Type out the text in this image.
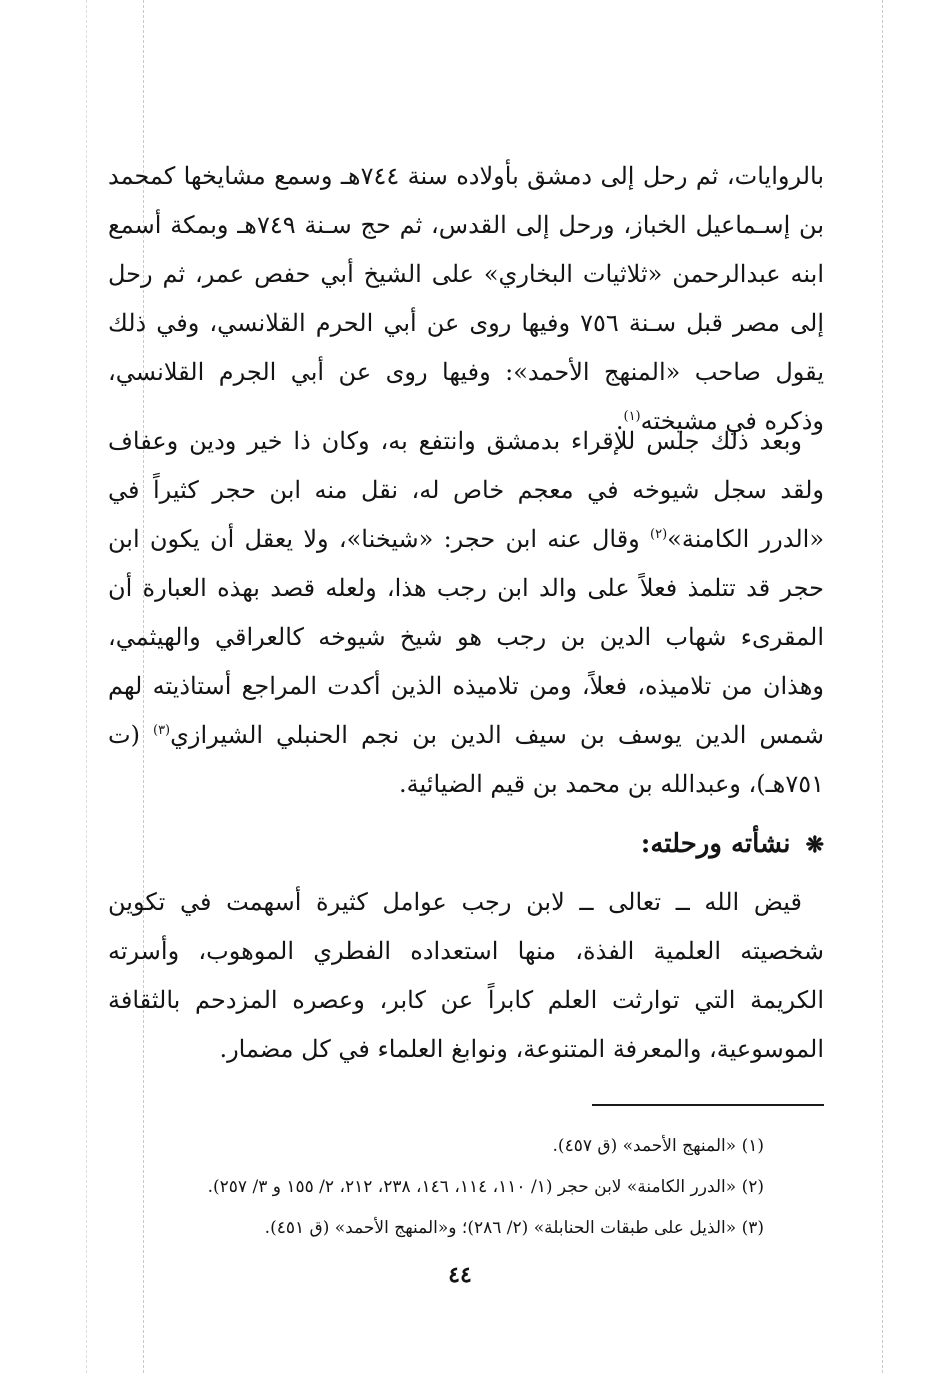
بالروايات، ثم رحل إلى دمشق بأولاده سنة ٧٤٤هـ وسمع مشايخها كمحمد بن إسـماعيل الخباز، ورحل إلى القدس، ثم حج سـنة ٧٤٩هـ وبمكة أسمع ابنه عبدالرحمن «ثلاثيات البخاري» على الشيخ أبي حفص عمر، ثم رحل إلى مصر قبل سـنة ٧٥٦ وفيها روى عن أبي الحرم القلانسي، وفي ذلك يقول صاحب «المنهج الأحمد»: وفيها روى عن أبي الجرم القلانسي، وذكره في مشيخته$^{(١)}$.
وبعد ذلك جلس للإقراء بدمشق وانتفع به، وكان ذا خير ودين وعفاف ولقد سجل شيوخه في معجم خاص له، نقل منه ابن حجر كثيراً في «الدرر الكامنة»$^{(٢)}$ وقال عنه ابن حجر: «شيخنا»، ولا يعقل أن يكون ابن حجر قد تتلمذ فعلاً على والد ابن رجب هذا، ولعله قصد بهذه العبارة أن المقرىء شهاب الدين بن رجب هو شيخ شيوخه كالعراقي والهيثمي، وهذان من تلاميذه، فعلاً، ومن تلاميذه الذين أكدت المراجع أستاذيته لهم شمس الدين يوسف بن سيف الدين بن نجم الحنبلي الشيرازي$^{(٣)}$ (ت ٧٥١هـ)، وعبدالله بن محمد بن قيم الضيائية.
❋ نشأته ورحلته:
قيض الله ــ تعالى ــ لابن رجب عوامل كثيرة أسهمت في تكوين شخصيته العلمية الفذة، منها استعداده الفطري الموهوب، وأسرته الكريمة التي توارثت العلم كابراً عن كابر، وعصره المزدحم بالثقافة الموسوعية، والمعرفة المتنوعة، ونوابغ العلماء في كل مضمار.
(١) «المنهج الأحمد» (ق ٤٥٧).
(٢) «الدرر الكامنة» لابن حجر (١/ ١١٠، ١١٤، ١٤٦، ٢٣٨، ٢١٢، ٢/ ١٥٥ و ٣/ ٢٥٧).
(٣) «الذيل على طبقات الحنابلة» (٢/ ٢٨٦)؛ و«المنهج الأحمد» (ق ٤٥١).
٤٤
